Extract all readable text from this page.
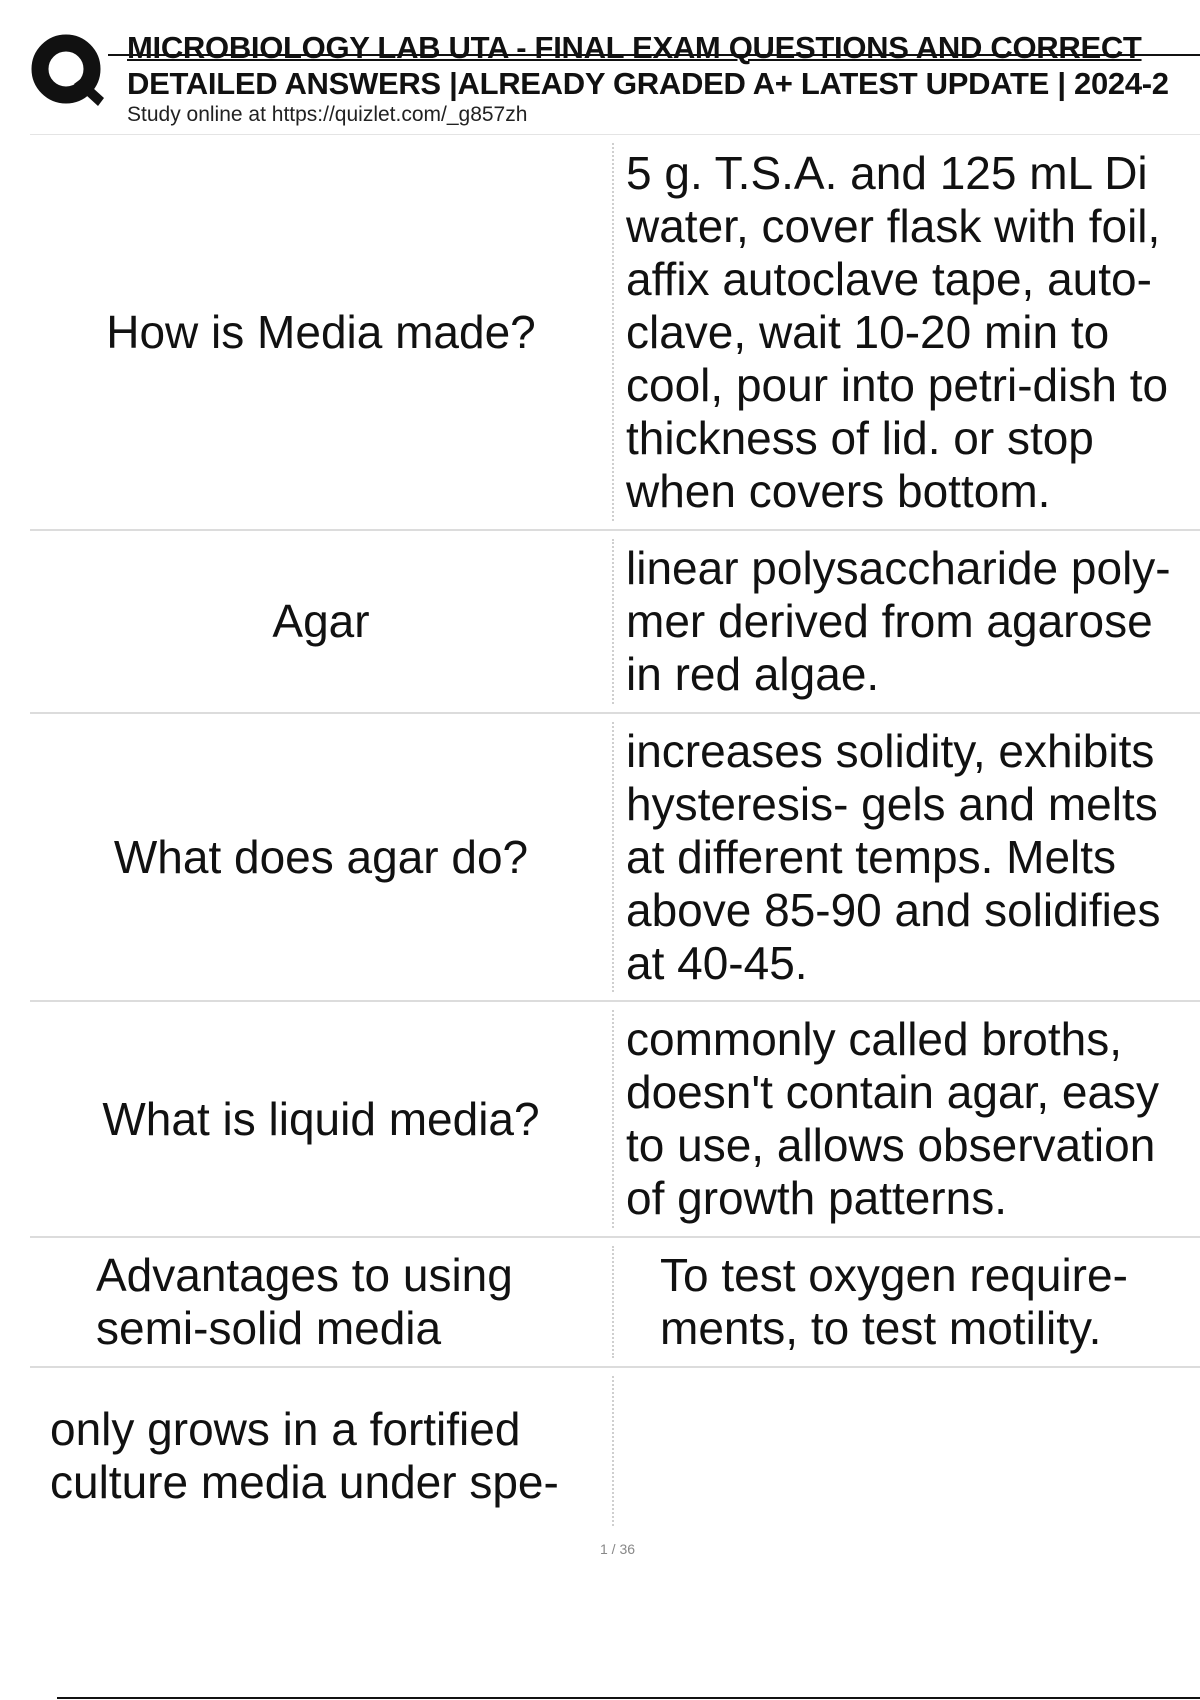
MICROBIOLOGY LAB UTA - FINAL EXAM QUESTIONS AND CORRECT
DETAILED ANSWERS |ALREADY GRADED A+ LATEST UPDATE | 2024-2
Study online at https://quizlet.com/_g857zh
How is Media made?
5 g. T.S.A. and 125 mL Di water, cover flask with foil, affix autoclave tape, auto- clave, wait 10-20 min to cool, pour into petri-dish to thickness of lid. or stop when covers bottom.
Agar
linear polysaccharide poly- mer derived from agarose in red algae.
What does agar do?
increases solidity, exhibits hysteresis- gels and melts at different temps. Melts above 85-90 and solidifies at 40-45.
What is liquid media?
commonly called broths, doesn't contain agar, easy to use, allows observation of growth patterns.
Advantages to using semi-solid media
To test oxygen require- ments, to test motility.
only grows in a fortified culture media under spe-
1 / 36
